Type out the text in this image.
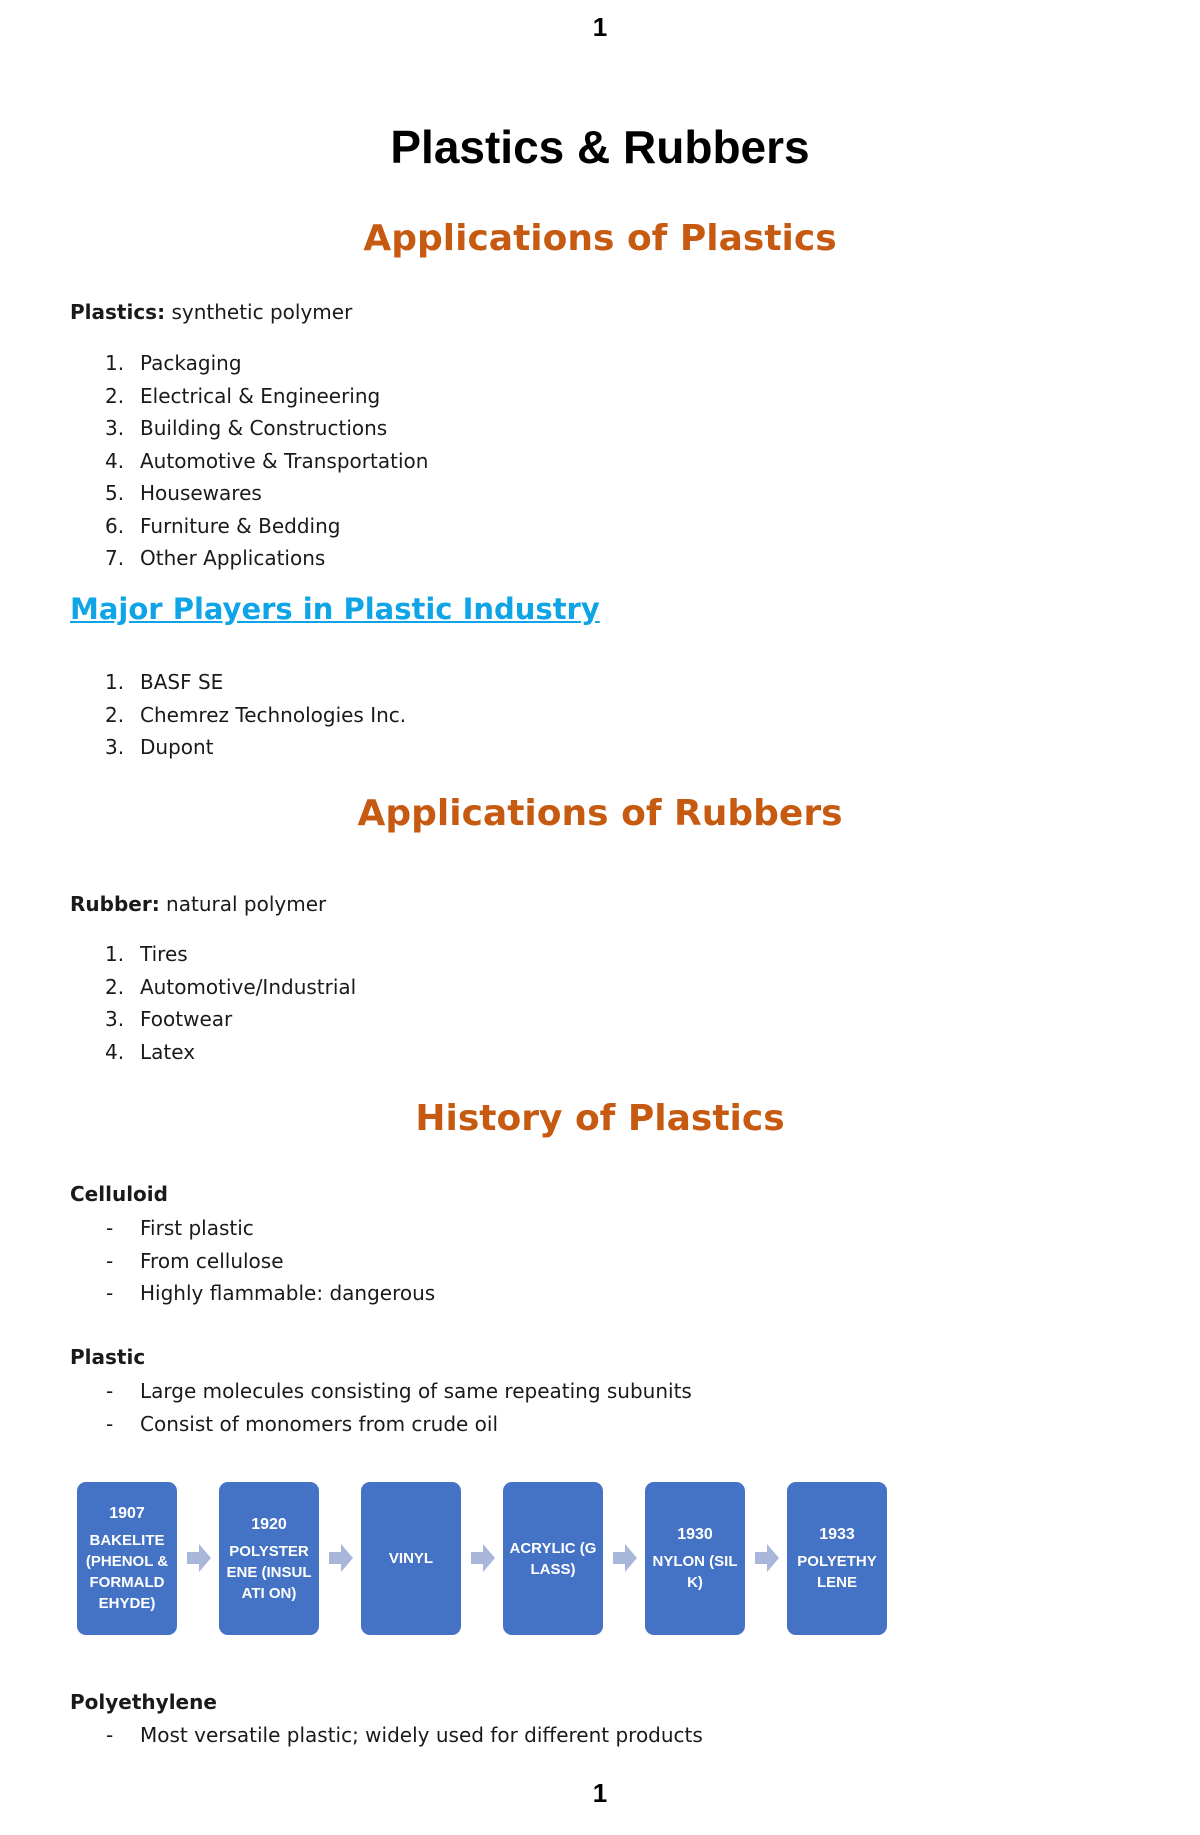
1
Plastics & Rubbers
Applications of Plastics

Plastics: synthetic polymer

1. Packaging
2. Electrical & Engineering
3. Building & Constructions
4. Automotive & Transportation
5. Housewares
6. Furniture & Bedding
7. Other Applications
Major Players in Plastic Industry
1. BASF SE
2. Chemrez Technologies Inc.
3. Dupont
Applications of Rubbers

Rubber: natural polymer

1. Tires
2. Automotive/Industrial
3. Footwear
4. Latex
History of Plastics

Celluloid

- First plastic
- From cellulose
- Highly flammable: dangerous

Plastic

- Large molecules consisting of same repeating subunits
- Consist of monomers from crude oil
1907
BAKELITE (PHENOL & FORMALD EHYDE)
1920
POLYSTER ENE (INSULATI ON)
VINYL
ACRYLIC (GLASS)
1930
NYLON (SILK)
1933
POLYETHY LENE

Polyethylene

- Most versatile plastic; widely used for different products
1
